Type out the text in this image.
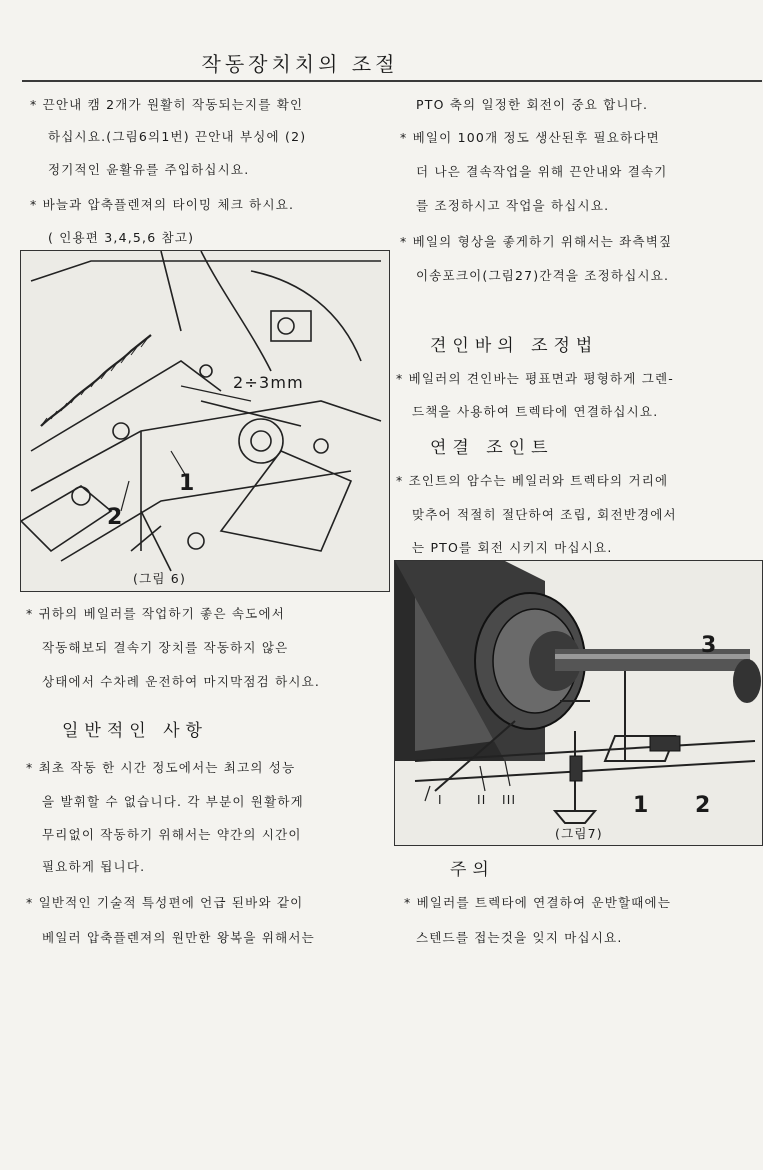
작동장치치의 조절
* 끈안내 캠 2개가 원활히 작동되는지를 확인
하십시요.(그림6의1번) 끈안내 부싱에 (2)
정기적인 윤활유를 주입하십시요.
* 바늘과 압축플렌져의 타이밍 체크 하시요.
( 인용편 3,4,5,6 참고)
2÷3mm
1
2
(그림 6)
* 귀하의 베일러를 작업하기 좋은 속도에서
작동해보되 결속기 장치를 작동하지 않은
상태에서 수차례 운전하여 마지막점검 하시요.
일반적인 사항
* 최초 작동 한 시간 정도에서는 최고의 성능
을 발휘할 수 없습니다. 각 부분이 원활하게
무리없이 작동하기 위해서는 약간의 시간이
필요하게 됩니다.
* 일반적인 기술적 특성편에 언급 된바와 같이
베일러 압축플렌져의 원만한 왕복을 위해서는
PTO 축의 일정한 회전이 중요 합니다.
* 베일이 100개 정도 생산된후 필요하다면
더 나은 결속작업을 위해 끈안내와 결속기
를 조정하시고 작업을 하십시요.
* 베일의 형상을 좋게하기 위해서는 좌측벽짚
이송포크이(그림27)간격을 조정하십시요.
견인바의 조정법
* 베일러의 견인바는 평표면과 평형하게 그렌-
드책을 사용하여 트렉타에 연결하십시요.
연결 조인트
* 조인트의 암수는 베일러와 트렉타의 거리에
맞추어 적절히 절단하여 조립, 회전반경에서
는 PTO를 회전 시키지 마십시요.
I	II III
3
1 2
(그림7)
주의
* 베일러를 트렉타에 연결하여 운반할때에는
스텐드를 접는것을 잊지 마십시요.
